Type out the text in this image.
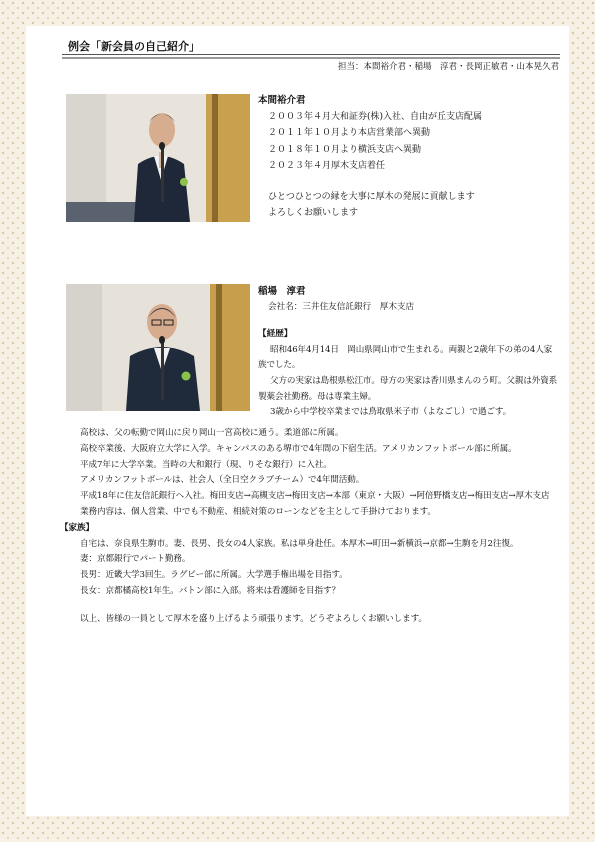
例会「新会員の自己紹介」
担当：本間裕介君・稲場　淳君・長岡正敏君・山本晃久君
本間裕介君
２００３年４月大和証券(株)入社、自由が丘支店配属
２０１１年１０月より本店営業部へ異動
２０１８年１０月より横浜支店へ異動
２０２３年４月厚木支店着任
ひとつひとつの縁を大事に厚木の発展に貢献します
よろしくお願いします
稲場　淳君
会社名：三井住友信託銀行　厚木支店
【経歴】
昭和46年4月14日　岡山県岡山市で生まれる。両親と2歳年下の弟の4人家族でした。
父方の実家は島根県松江市。母方の実家は香川県まんのう町。父親は外資系製薬会社勤務。母は専業主婦。
3歳から中学校卒業までは鳥取県米子市（よなごし）で過ごす。
高校は、父の転勤で岡山に戻り岡山一宮高校に通う。柔道部に所属。
高校卒業後、大阪府立大学に入学。キャンパスのある堺市で4年間の下宿生活。アメリカンフットボール部に所属。
平成7年に大学卒業。当時の大和銀行（現、りそな銀行）に入社。
アメリカンフットボールは、社会人（全日空クラブチーム）で4年間活動。
平成18年に住友信託銀行へ入社。梅田支店→高槻支店→梅田支店→本部（東京・大阪）→阿倍野橋支店→梅田支店→厚木支店
業務内容は、個人営業、中でも不動産、相続対策のローンなどを主として手掛けております。
【家族】
自宅は、奈良県生駒市。妻、長男、長女の4人家族。私は単身赴任。本厚木→町田→新横浜→京都→生駒を月2往復。
妻：京都銀行でパート勤務。
長男：近畿大学3回生。ラグビー部に所属。大学選手権出場を目指す。
長女：京都橘高校1年生。バトン部に入部。将来は看護師を目指す？
以上、皆様の一員として厚木を盛り上げるよう頑張ります。どうぞよろしくお願いします。
